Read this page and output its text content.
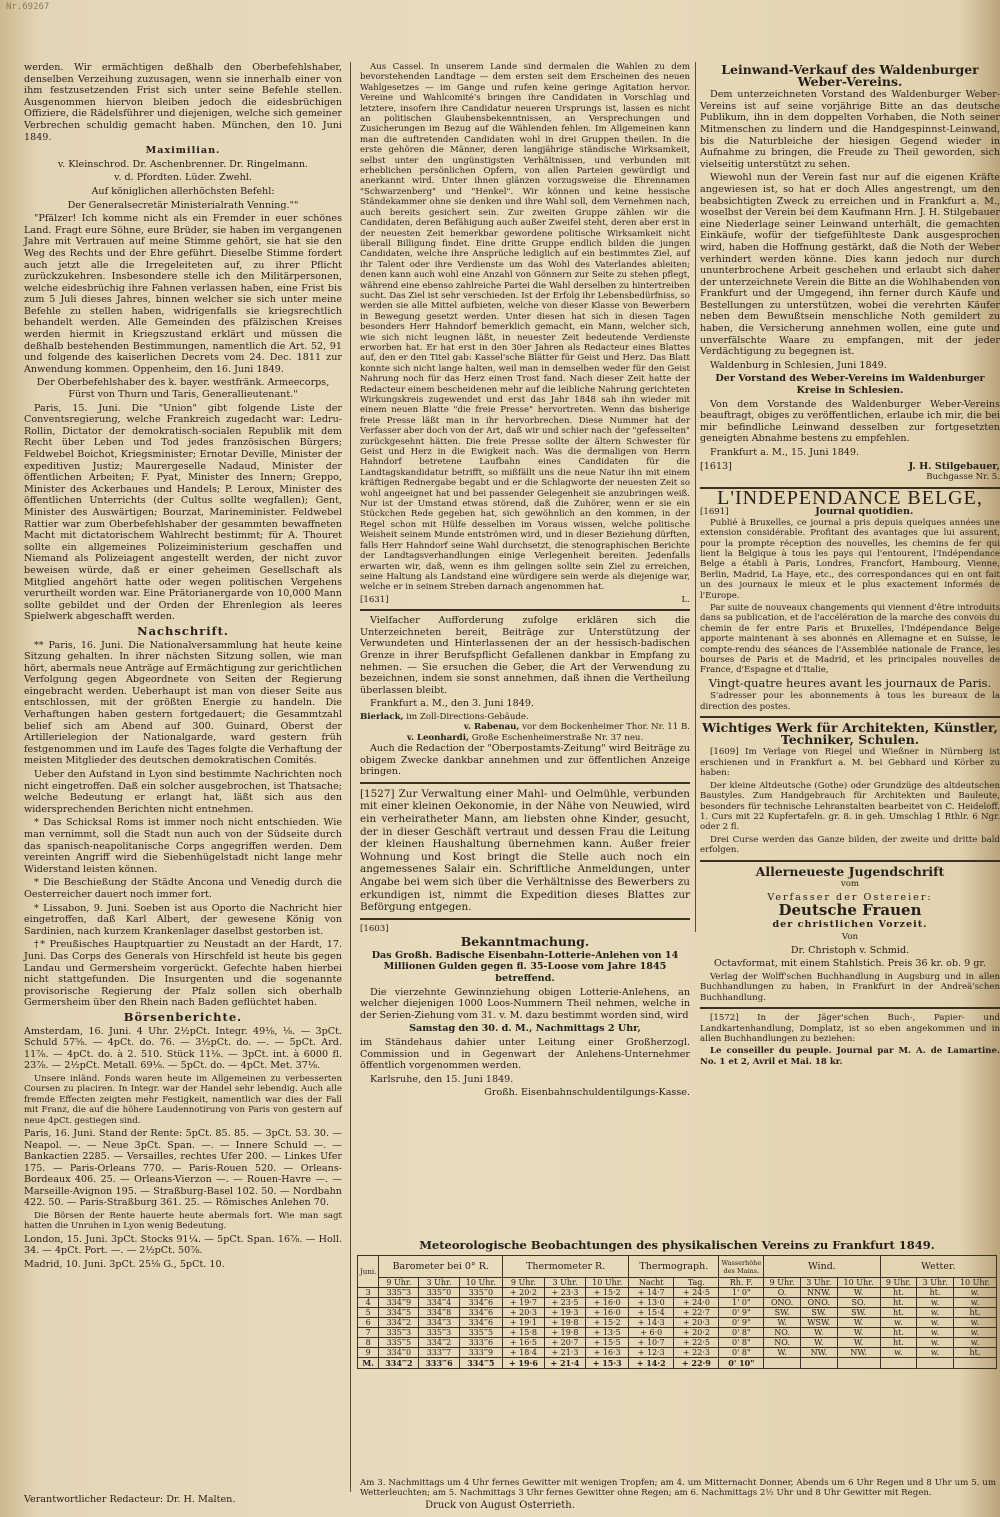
Nr.69267

werden. Wir ermächtigen deßhalb den Oberbefehlshaber, denselben Verzeihung zuzusagen, wenn sie innerhalb einer von ihm festzusetzenden Frist sich unter seine Befehle stellen. Ausgenommen hiervon bleiben jedoch die eidesbrüchigen Offiziere, die Rädelsführer und diejenigen, welche sich gemeiner Verbrechen schuldig gemacht haben. München, den 10. Juni 1849.

Maximilian.

v. Kleinschrod. Dr. Aschenbrenner. Dr. Ringelmann.

v. d. Pfordten. Lüder. Zwehl.

Auf königlichen allerhöchsten Befehl:

Der Generalsecretär Ministerialrath Venning.""

"Pfälzer! Ich komme nicht als ein Fremder in euer schönes Land. Fragt eure Söhne, eure Brüder, sie haben im vergangenen Jahre mit Vertrauen auf meine Stimme gehört, sie hat sie den Weg des Rechts und der Ehre geführt. Dieselbe Stimme fordert auch jetzt alle die Irregeleiteten auf, zu ihrer Pflicht zurückzukehren. Insbesondere stelle ich den Militärpersonen, welche eidesbrüchig ihre Fahnen verlassen haben, eine Frist bis zum 5 Juli dieses Jahres, binnen welcher sie sich unter meine Befehle zu stellen haben, widrigenfalls sie kriegsrechtlich behandelt werden. Alle Gemeinden des pfälzischen Kreises werden hiermit in Kriegszustand erklärt und müssen die deßhalb bestehenden Bestimmungen, namentlich die Art. 52, 91 und folgende des kaiserlichen Decrets vom 24. Dec. 1811 zur Anwendung kommen. Oppenheim, den 16. Juni 1849.

Der Oberbefehlshaber des k. bayer. westfränk. Armeecorps, Fürst von Thurn und Taris, Generallieutenant."

Paris, 15. Juni. Die "Union" gibt folgende Liste der Conventsregierung, welche Frankreich zugedacht war: Ledru-Rollin, Dictator der demokratisch-socialen Republik mit dem Recht über Leben und Tod jedes französischen Bürgers; Feldwebel Boichot, Kriegsminister; Ernotar Deville, Minister der expeditiven Justiz; Maurergeselle Nadaud, Minister der öffentlichen Arbeiten; F. Pyat, Minister des Innern; Greppo, Minister des Ackerbaues und Handels; P. Leroux, Minister des öffentlichen Unterrichts (der Cultus sollte wegfallen); Gent, Minister des Auswärtigen; Bourzat, Marineminister. Feldwebel Rattier war zum Oberbefehlshaber der gesammten bewaffneten Macht mit dictatorischem Wahlrecht bestimmt; für A. Thouret sollte ein allgemeines Polizeiministerium geschaffen und Niemand als Polizeiagent angestellt werden, der nicht zuvor beweisen würde, daß er einer geheimen Gesellschaft als Mitglied angehört hatte oder wegen politischen Vergehens verurtheilt worden war. Eine Prätorianergarde von 10,000 Mann sollte gebildet und der Orden der Ehrenlegion als leeres Spielwerk abgeschafft werden.

Nachschrift.

** Paris, 16. Juni. Die Nationalversammlung hat heute keine Sitzung gehalten. In ihrer nächsten Sitzung sollen, wie man hört, abermals neue Anträge auf Ermächtigung zur gerichtlichen Verfolgung gegen Abgeordnete von Seiten der Regierung eingebracht werden. Ueberhaupt ist man von dieser Seite aus entschlossen, mit der größten Energie zu handeln. Die Verhaftungen haben gestern fortgedauert; die Gesammtzahl belief sich am Abend auf 300. Guinard, Oberst der Artillerielegion der Nationalgarde, ward gestern früh festgenommen und im Laufe des Tages folgte die Verhaftung der meisten Mitglieder des deutschen demokratischen Comités.

Ueber den Aufstand in Lyon sind bestimmte Nachrichten noch nicht eingetroffen. Daß ein solcher ausgebrochen, ist Thatsache; welche Bedeutung er erlangt hat, läßt sich aus den widersprechenden Berichten nicht entnehmen.

* Das Schicksal Roms ist immer noch nicht entschieden. Wie man vernimmt, soll die Stadt nun auch von der Südseite durch das spanisch-neapolitanische Corps angegriffen werden. Dem vereinten Angriff wird die Siebenhügelstadt nicht lange mehr Widerstand leisten können.

* Die Beschießung der Städte Ancona und Venedig durch die Oesterreicher dauert noch immer fort.

* Lissabon, 9. Juni. Soeben ist aus Oporto die Nachricht hier eingetroffen, daß Karl Albert, der gewesene König von Sardinien, nach kurzem Krankenlager daselbst gestorben ist.

†* Preußisches Hauptquartier zu Neustadt an der Hardt, 17. Juni. Das Corps des Generals von Hirschfeld ist heute bis gegen Landau und Germersheim vorgerückt. Gefechte haben hierbei nicht stattgefunden. Die Insurgenten und die sogenannte provisorische Regierung der Pfalz sollen sich oberhalb Germersheim über den Rhein nach Baden geflüchtet haben.

Börsenberichte.

Amsterdam, 16. Juni. 4 Uhr. 2½pCt. Integr. 49⅛, ⅛. — 3pCt. Schuld 57⅝. — 4pCt. do. 76. — 3½pCt. do. —. — 5pCt. Ard. 11⅞. — 4pCt. do. à 2. 510. Stück 11⅛. — 3pCt. int. à 6000 fl. 23⅞. — 2½pCt. Metall. 69⅛. — 5pCt. do. — 4pCt. Met. 37⅛.

Unsere inländ. Fonds waren heute im Allgemeinen zu verbesserten Coursen zu placiren. In Integr. war der Handel sehr lebendig. Auch alle fremde Effecten zeigten mehr Festigkeit, namentlich war dies der Fall mit Franz, die auf die höhere Laudennotirung von Paris von gestern auf neue 4pCt. gestiegen sind.

Paris, 16. Juni. Stand der Rente: 5pCt. 85. 85. — 3pCt. 53. 30. — Neapol. —. — Neue 3pCt. Span. —. — Innere Schuld —. — Bankactien 2285. — Versailles, rechtes Ufer 200. — Linkes Ufer 175. — Paris-Orleans 770. — Paris-Rouen 520. — Orleans-Bordeaux 406. 25. — Orleans-Vierzon —. — Rouen-Havre —. — Marseille-Avignon 195. — Straßburg-Basel 102. 50. — Nordbahn 422. 50. — Paris-Straßburg 361. 25. — Römisches Anlehen 70.

Die Börsen der Rente hauerte heute abermals fort. Wie man sagt hatten die Unruhen in Lyon wenig Bedeutung.

London, 15. Juni. 3pCt. Stocks 91¼. — 5pCt. Span. 16⅞. — Holl. 34. — 4pCt. Port. —. — 2½pCt. 50⅞.

Madrid, 10. Juni. 3pCt. 25⅛ G., 5pCt. 10.

Verantwortlicher Redacteur: Dr. H. Malten.

Aus Cassel. In unserem Lande sind dermalen die Wahlen zu dem bevorstehenden Landtage — dem ersten seit dem Erscheinen des neuen Wahlgesetzes — im Gange und rufen keine geringe Agitation hervor. Vereine und Wahlcomité's bringen ihre Candidaten in Vorschlag und letztere, insofern ihre Candidatur neueren Ursprungs ist, lassen es nicht an politischen Glaubensbekenntnissen, an Versprechungen und Zusicherungen im Bezug auf die Wählenden fehlen. Im Allgemeinen kann man die auftretenden Candidaten wohl in drei Gruppen theilen. In die erste gehören die Männer, deren langjährige ständische Wirksamkeit, selbst unter den ungünstigsten Verhältnissen, und verbunden mit erheblichen persönlichen Opfern, von allen Parteien gewürdigt und anerkannt wird. Unter ihnen glänzen vorzugsweise die Ehrennamen "Schwarzenberg" und "Henkel". Wir können und keine hessische Ständekammer ohne sie denken und ihre Wahl soll, dem Vernehmen nach, auch bereits gesichert sein. Zur zweiten Gruppe zählen wir die Candidaten, deren Befähigung auch außer Zweifel steht, deren aber erst in der neuesten Zeit bemerkbar gewordene politische Wirksamkeit nicht überall Billigung findet. Eine dritte Gruppe endlich bilden die jungen Candidaten, welche ihre Ansprüche lediglich auf ein bestimmtes Ziel, auf ihr Talent oder ihre Verdienste um das Wohl des Vaterlandes ableiten; denen kann auch wohl eine Anzahl von Gönnern zur Seite zu stehen pflegt, während eine ebenso zahlreiche Partei die Wahl derselben zu hintertreiben sucht. Das Ziel ist sehr verschieden. Ist der Erfolg ihr Lebensbedürfniss, so werden sie alle Mittel aufbieten, welche von dieser Klasse von Bewerbern in Bewegung gesetzt werden. Unter diesen hat sich in diesen Tagen besonders Herr Hahndorf bemerklich gemacht, ein Mann, welcher sich, wie sich nicht leugnen läßt, in neuester Zeit bedeutende Verdienste erworben hat. Er hat erst in den 30er Jahren als Redacteur eines Blattes auf, den er den Titel gab: Kassel'sche Blätter für Geist und Herz. Das Blatt konnte sich nicht lange halten, weil man in demselben weder für den Geist Nahrung noch für das Herz einen Trost fand. Nach dieser Zeit hatte der Redacteur einem bescheidenen mehr auf die leibliche Nahrung gerichteten Wirkungskreis zugewendet und erst das Jahr 1848 sah ihn wieder mit einem neuen Blatte "die freie Presse" hervortreten. Wenn das bisherige freie Presse läßt man in ihr hervorbrechen. Diese Nummer hat der Verfasser aber doch von der Art, daß wir und schier nach der "gefesselten" zurückgesehnt hätten. Die freie Presse sollte der ältern Schwester für Geist und Herz in die Ewigkeit nach. Was die dermaligen von Herrn Hahndorf betretene Laufbahn eines Candidaten für die Landtagskandidatur betrifft, so mißfällt uns die neue Natur ihn mit einem kräftigen Rednergabe begabt und er die Schlagworte der neuesten Zeit so wohl angeeignet hat und bei passender Gelegenheit sie anzubringen weiß. Nur ist der Umstand etwas störend, daß die Zuhörer, wenn er sie ein Stückchen Rede gegeben hat, sich gewöhnlich an den kommen, in der Regel schon mit Hülfe desselben im Voraus wissen, welche politische Weisheit seinem Munde entströmen wird, und in dieser Beziehung dürften, falls Herr Hahndorf seine Wahl durchsetzt, die stenographischen Berichte der Landtagsverhandlungen einige Verlegenheit bereiten. Jedenfalls erwarten wir, daß, wenn es ihm gelingen sollte sein Ziel zu erreichen, seine Haltung als Landstand eine würdigere sein werde als diejenige war, welche er in seinem Streben darnach angenommen hat.

[1631]	L.

Vielfacher Aufforderung zufolge erklären sich die Unterzeichneten bereit, Beiträge zur Unterstützung der Verwundeten und Hinterlassenen der an der hessisch-badischen Grenze in ihrer Berufspflicht Gefallenen dankbar in Empfang zu nehmen. — Sie ersuchen die Geber, die Art der Verwendung zu bezeichnen, indem sie sonst annehmen, daß ihnen die Vertheilung überlassen bleibt.

Frankfurt a. M., den 3. Juni 1849.

Bierlack, im Zoll-Directions-Gebäude.
v. Rabenau, vor dem Bockenheimer Thor. Nr. 11 B.
v. Leonhardi, Große Eschenheimerstraße Nr. 37 neu.

Auch die Redaction der "Oberpostamts-Zeitung" wird Beiträge zu obigem Zwecke dankbar annehmen und zur öffentlichen Anzeige bringen.

[1527] Zur Verwaltung einer Mahl- und Oelmühle, verbunden mit einer kleinen Oekonomie, in der Nähe von Neuwied, wird ein verheiratheter Mann, am liebsten ohne Kinder, gesucht, der in dieser Geschäft vertraut und dessen Frau die Leitung der kleinen Haushaltung übernehmen kann. Außer freier Wohnung und Kost bringt die Stelle auch noch ein angemessenes Salair ein. Schriftliche Anmeldungen, unter Angabe bei wem sich über die Verhältnisse des Bewerbers zu erkundigen ist, nimmt die Expedition dieses Blattes zur Beförgung entgegen.

[1603]
Bekanntmachung.

Das Großh. Badische Eisenbahn-Lotterie-Anlehen von 14 Millionen Gulden gegen fl. 35-Loose vom Jahre 1845 betreffend.

Die vierzehnte Gewinnziehung obigen Lotterie-Anlehens, an welcher diejenigen 1000 Loos-Nummern Theil nehmen, welche in der Serien-Ziehung vom 31. v. M. dazu bestimmt worden sind, wird

Samstag den 30. d. M., Nachmittags 2 Uhr,

im Ständehaus dahier unter Leitung einer Großherzogl. Commission und in Gegenwart der Anlehens-Unternehmer öffentlich vorgenommen werden.

Karlsruhe, den 15. Juni 1849.

Großh. Eisenbahnschuldentilgungs-Kasse.

Leinwand-Verkauf des Waldenburger Weber-Vereins.

Dem unterzeichneten Vorstand des Waldenburger Weber-Vereins ist auf seine vorjährige Bitte an das deutsche Publikum, ihn in dem doppelten Vorhaben, die Noth seiner Mitmenschen zu lindern und die Handgespinnst-Leinwand, bis die Naturbleiche der hiesigen Gegend wieder in Aufnahme zu bringen, die Freude zu Theil geworden, sich vielseitig unterstützt zu sehen.

Wiewohl nun der Verein fast nur auf die eigenen Kräfte angewiesen ist, so hat er doch Alles angestrengt, um den beabsichtigten Zweck zu erreichen und in Frankfurt a. M., woselbst der Verein bei dem Kaufmann Hrn. J. H. Stilgebauer eine Niederlage seiner Leinwand unterhält, die gemachten Einkäufe, wofür der tiefgefühlteste Dank ausgesprochen wird, haben die Hoffnung gestärkt, daß die Noth der Weber verhindert werden könne. Dies kann jedoch nur durch ununterbrochene Arbeit geschehen und erlaubt sich daher der unterzeichnete Verein die Bitte an die Wohlhabenden von Frankfurt und der Umgegend, ihn ferner durch Käufe und Bestellungen zu unterstützen, wobei die verehrten Käufer neben dem Bewußtsein menschliche Noth gemildert zu haben, die Versicherung annehmen wollen, eine gute und unverfälschte Waare zu empfangen, mit der jeder Verdächtigung zu begegnen ist.

Waldenburg in Schlesien, Juni 1849.

Der Vorstand des Weber-Vereins im Waldenburger Kreise in Schlesien.

Von dem Vorstande des Waldenburger Weber-Vereins beauftragt, obiges zu veröffentlichen, erlaube ich mir, die bei mir befindliche Leinwand desselben zur fortgesetzten geneigten Abnahme bestens zu empfehlen.

Frankfurt a. M., 15. Juni 1849.

[1613]	J. H. Stilgebauer,

Buchgasse Nr. 5.

L'INDEPENDANCE BELGE,
[1691]	Journal quotidien.

Publié à Bruxelles, ce journal a pris depuis quelques années une extension considérable. Profitant des avantages que lui assurent, pour la prompte réception des nouvelles, les chemins de fer qui lient la Belgique à tous les pays qui l'entourent, l'Indépendance Belge a établi à Paris, Londres, Francfort, Hambourg, Vienne, Berlin, Madrid, La Haye, etc., des correspondances qui en ont fait un des journaux le mieux et le plus exactement informés de l'Europe.

Par suite de nouveaux changements qui viennent d'être introduits dans sa publication, et de l'accélération de la marche des convois du chemin de fer entre Paris et Bruxelles, l'Indépendance Belge apporte maintenant à ses abonnés en Allemagne et en Suisse, le compte-rendu des séances de l'Assemblée nationale de France, les bourses de Paris et de Madrid, et les principales nouvelles de France, d'Espagne et d'Italie,

Vingt-quatre heures avant les journaux de Paris.

S'adresser pour les abonnements à tous les bureaux de la direction des postes.

Wichtiges Werk für Architekten, Künstler, Techniker, Schulen.

[1609] Im Verlage von Riegel und Wießner in Nürnberg ist erschienen und in Frankfurt a. M. bei Gebhard und Körber zu haben:

Der kleine Altdeutsche (Gothe) oder Grundzüge des altdeutschen Baustyles. Zum Handgebrauch für Architekten und Bauleute, besonders für technische Lehranstalten bearbeitet von C. Heideloff. 1. Curs mit 22 Kupfertafeln. gr. 8. in geh. Umschlag 1 Rthlr. 6 Ngr. oder 2 fl.

Drei Curse werden das Ganze bilden, der zweite und dritte bald erfolgen.

Allerneueste Jugendschrift

vom

Verfasser der Ostereier:

Deutsche Frauen

der christlichen Vorzeit.

Von

Dr. Christoph v. Schmid.

Octavformat, mit einem Stahlstich. Preis 36 kr. ob. 9 gr.

Verlag der Wolff'schen Buchhandlung in Augsburg und in allen Buchhandlungen zu haben, in Frankfurt in der Andreä'schen Buchhandlung.

[1572] In der Jäger'schen Buch-, Papier- und Landkartenhandlung, Domplatz, ist so eben angekommen und in allen Buchhandlungen zu beziehen:

Le conseiller du peuple. Journal par M. A. de Lamartine. No. 1 et 2, Avril et Mai. 18 kr.

Meteorologische Beobachtungen des physikalischen Vereins zu Frankfurt 1849.
Juni.	Barometer bei 0° R.			Thermometer R.			Thermograph.		Wasserhöhe des Mains.	Wind.			Wetter.		
	9 Uhr.	3 Uhr.	10 Uhr.	9 Uhr.	3 Uhr.	10 Uhr.	Nacht	Tag.	Rh. F.	9 Uhr.	3 Uhr.	10 Uhr.	9 Uhr.	3 Uhr.	10 Uhr.
3	335‴3	335‴0	335‴0	+ 20·2	+ 23·3	+ 15·2	+ 14·7	+ 24·5	1' 0"	O.	NNW.	W.	ht.	ht.	w.
4	334‴9	334‴4	334‴6	+ 19·7	+ 23·5	+ 16·0	+ 13·0	+ 24·0	1' 0"	ONO.	ONO.	SO.	ht.	w.	w.
5	334‴5	334‴8	334‴6	+ 20·3	+ 19·3	+ 16·0	+ 15·4	+ 22·7	0' 9"	SW.	SW.	SW.	ht.	w.	ht.
6	334‴2	334‴3	334‴6	+ 19·1	+ 19·8	+ 15·2	+ 14·3	+ 20·3	0' 9"	W.	WSW.	W.	w.	w.	w.
7	335‴3	335‴3	335‴5	+ 15·8	+ 19·8	+ 13·5	+ 6·0	+ 20·2	0' 8"	NO.	W.	W.	ht.	w.	w.
8	335‴5	334‴2	333‴6	+ 16·5	+ 20·7	+ 15·5	+ 10·7	+ 22·5	0' 8"	NO.	W.	W.	ht.	w.	w.
9	334‴0	333‴7	333‴9	+ 18·4	+ 21·3	+ 16·3	+ 12·3	+ 22·3	0' 8"	W.	NW.	NW.	w.	w.	ht.
M.	334‴2	333‴6	334‴5	+ 19·6	+ 21·4	+ 15·3	+ 14·2	+ 22·9	0' 10"						
Am 3. Nachmittags um 4 Uhr fernes Gewitter mit wenigen Tropfen; am 4. um Mitternacht Donner, Abends um 6 Uhr Regen und 8 Uhr um 5. um Wetterleuchten; am 5. Nachmittags 3 Uhr fernes Gewitter ohne Regen; am 6. Nachmittags 2½ Uhr und 8 Uhr Gewitter mit Regen.
Druck von August Osterrieth.
